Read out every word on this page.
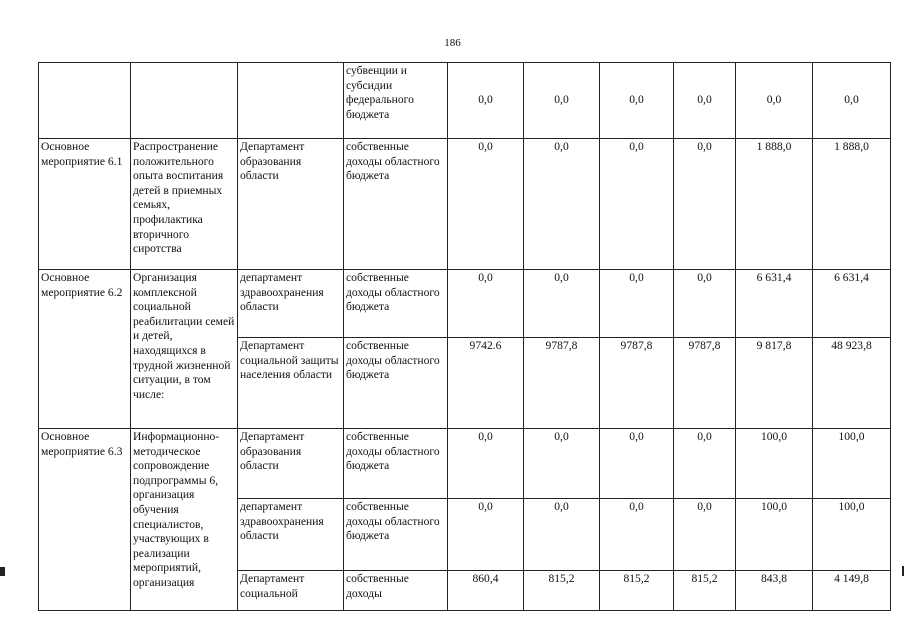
186
			субвенции и субсидии федерального бюджета	0,0	0,0	0,0	0,0	0,0	0,0
Основное мероприятие 6.1	Распространение положительного опыта воспитания детей в приемных семьях, профилактика вторичного сиротства	Департамент образования области	собственные доходы областного бюджета	0,0	0,0	0,0	0,0	1 888,0	1 888,0
Основное мероприятие 6.2	Организация комплексной социальной реабилитации семей и детей, находящихся в трудной жизненной ситуации, в том числе:	департамент здравоохранения области	собственные доходы областного бюджета	0,0	0,0	0,0	0,0	6 631,4	6 631,4
		Департамент социальной защиты населения области	собственные доходы областного бюджета	9742.6	9787,8	9787,8	9787,8	9 817,8	48 923,8
Основное мероприятие 6.3	Информационно-методическое сопровождение подпрограммы 6, организация обучения специалистов, участвующих в реализации мероприятий, организация	Департамент образования области	собственные доходы областного бюджета	0,0	0,0	0,0	0,0	100,0	100,0
		департамент здравоохранения области	собственные доходы областного бюджета	0,0	0,0	0,0	0,0	100,0	100,0
		Департамент социальной	собственные доходы	860,4	815,2	815,2	815,2	843,8	4 149,8
